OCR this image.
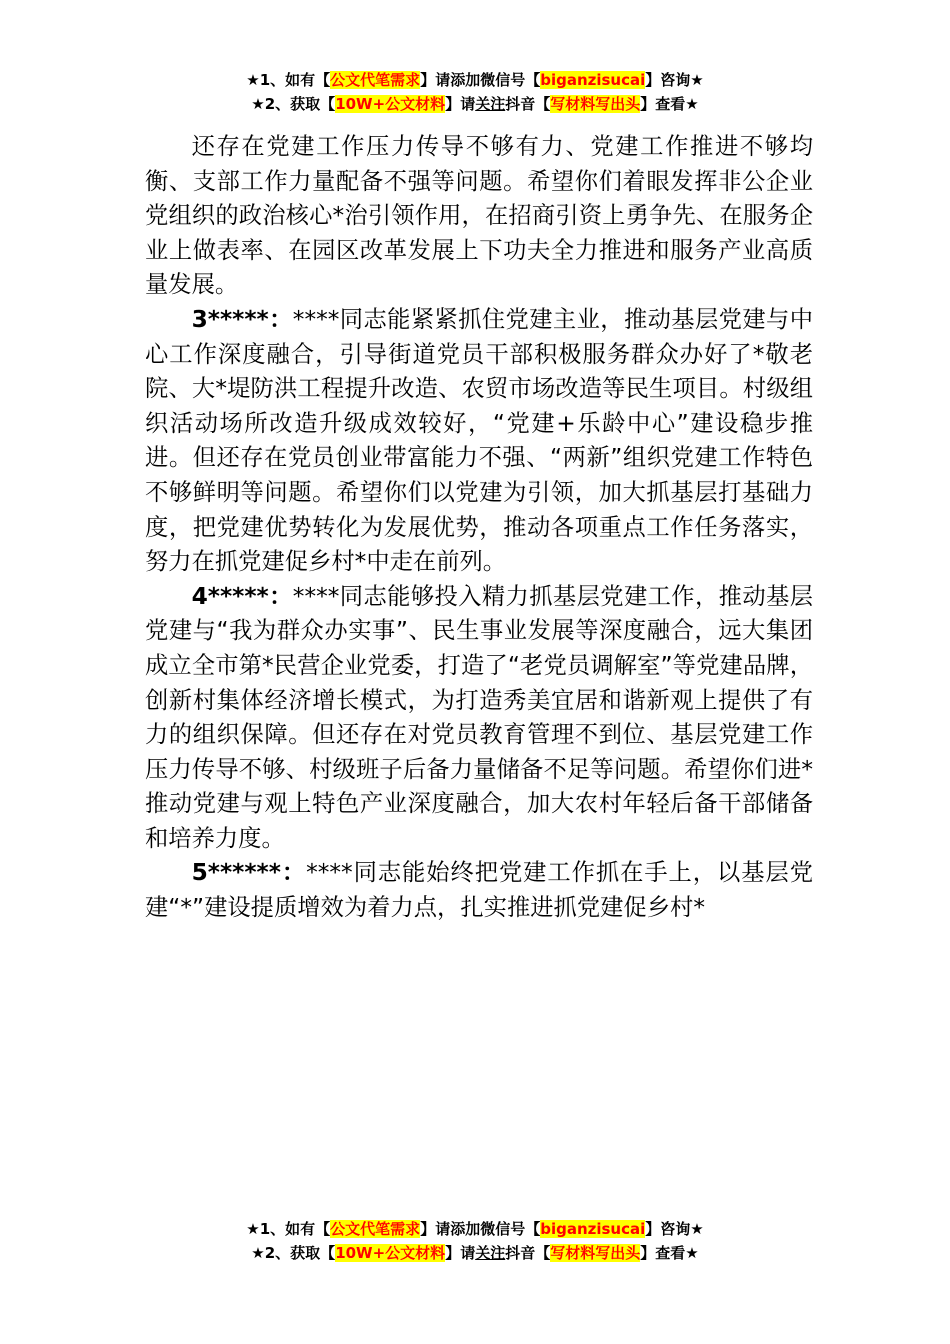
★1、如有【公文代笔需求】请添加微信号【biganzisucai】咨询★
★2、获取【10W+公文材料】请关注抖音【写材料写出头】查看★

还存在党建工作压力传导不够有力、党建工作推进不够均衡、支部工作力量配备不强等问题。希望你们着眼发挥非公企业党组织的政治核心*治引领作用，在招商引资上勇争先、在服务企业上做表率、在园区改革发展上下功夫全力推进和服务产业高质量发展。

3*****：****同志能紧紧抓住党建主业，推动基层党建与中心工作深度融合，引导街道党员干部积极服务群众办好了*敬老院、大*堤防洪工程提升改造、农贸市场改造等民生项目。村级组织活动场所改造升级成效较好，“党建+乐龄中心”建设稳步推进。但还存在党员创业带富能力不强、“两新”组织党建工作特色不够鲜明等问题。希望你们以党建为引领，加大抓基层打基础力度，把党建优势转化为发展优势，推动各项重点工作任务落实，努力在抓党建促乡村*中走在前列。

4*****：****同志能够投入精力抓基层党建工作，推动基层党建与“我为群众办实事”、民生事业发展等深度融合，远大集团成立全市第*民营企业党委，打造了“老党员调解室”等党建品牌，创新村集体经济增长模式，为打造秀美宜居和谐新观上提供了有力的组织保障。但还存在对党员教育管理不到位、基层党建工作压力传导不够、村级班子后备力量储备不足等问题。希望你们进*推动党建与观上特色产业深度融合，加大农村年轻后备干部储备和培养力度。

5******：****同志能始终把党建工作抓在手上，以基层党建“*”建设提质增效为着力点，扎实推进抓党建促乡村*

★1、如有【公文代笔需求】请添加微信号【biganzisucai】咨询★
★2、获取【10W+公文材料】请关注抖音【写材料写出头】查看★
